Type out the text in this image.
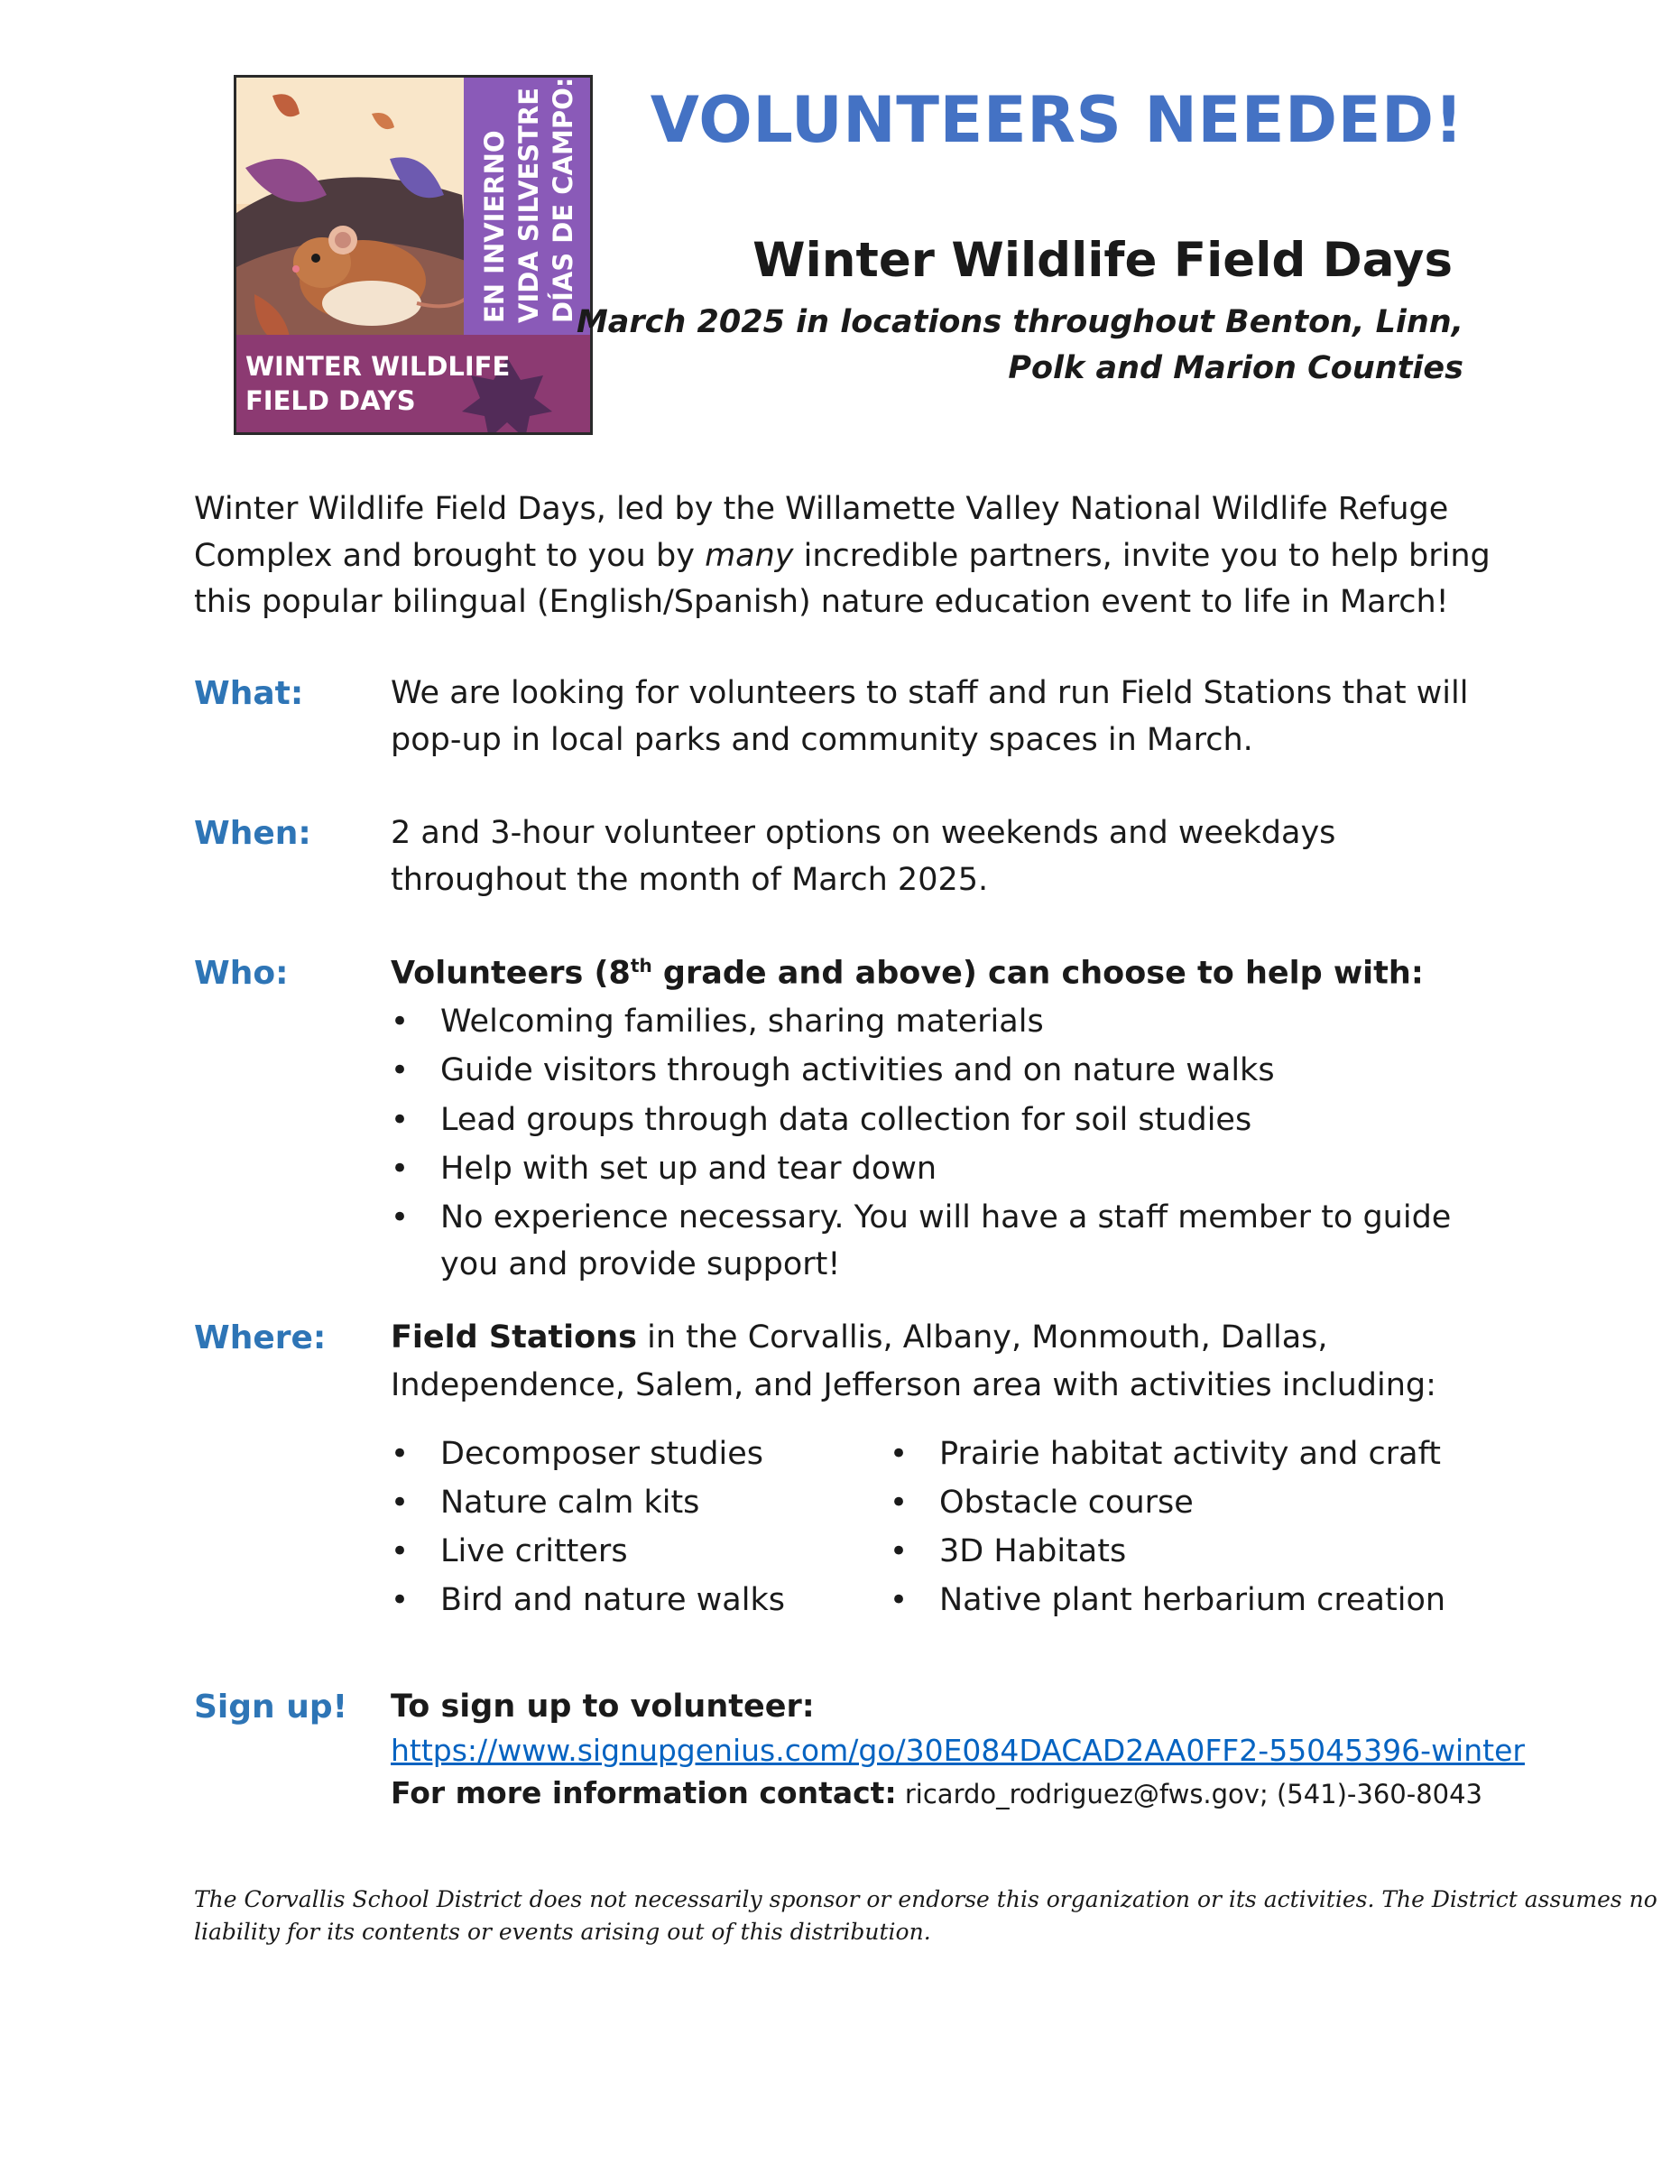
DÍAS DE CAMPO:
VIDA SILVESTRE
EN INVIERNO
WINTER WILDLIFE
FIELD DAYS
VOLUNTEERS NEEDED!
Winter Wildlife Field Days

March 2025 in locations throughout Benton, Linn,

Polk and Marion Counties

Winter Wildlife Field Days, led by the Willamette Valley National Wildlife Refuge

Complex and brought to you by many incredible partners, invite you to help bring

this popular bilingual (English/Spanish) nature education event to life in March!

What:	We are looking for volunteers to staff and run Field Stations that will

pop-up in local parks and community spaces in March.

When:	2 and 3-hour volunteer options on weekends and weekdays

throughout the month of March 2025.

Who:	Volunteers (8th grade and above) can choose to help with:

• Welcoming families, sharing materials
• Guide visitors through activities and on nature walks
• Lead groups through data collection for soil studies
• Help with set up and tear down
• No experience necessary. You will have a staff member to guide

you and provide support!

Where: Field Stations in the Corvallis, Albany, Monmouth, Dallas,

Independence, Salem, and Jefferson area with activities including:

• Decomposer studies
• Nature calm kits
• Live critters
• Bird and nature walks
• Prairie habitat activity and craft
• Obstacle course
• 3D Habitats
• Native plant herbarium creation

Sign up! To sign up to volunteer:

https://www.signupgenius.com/go/30E084DACAD2AA0FF2-55045396-winter
For more information contact: ricardo_rodriguez@fws.gov; (541)-360-8043

The Corvallis School District does not necessarily sponsor or endorse this organization or its activities. The District assumes no

liability for its contents or events arising out of this distribution.
